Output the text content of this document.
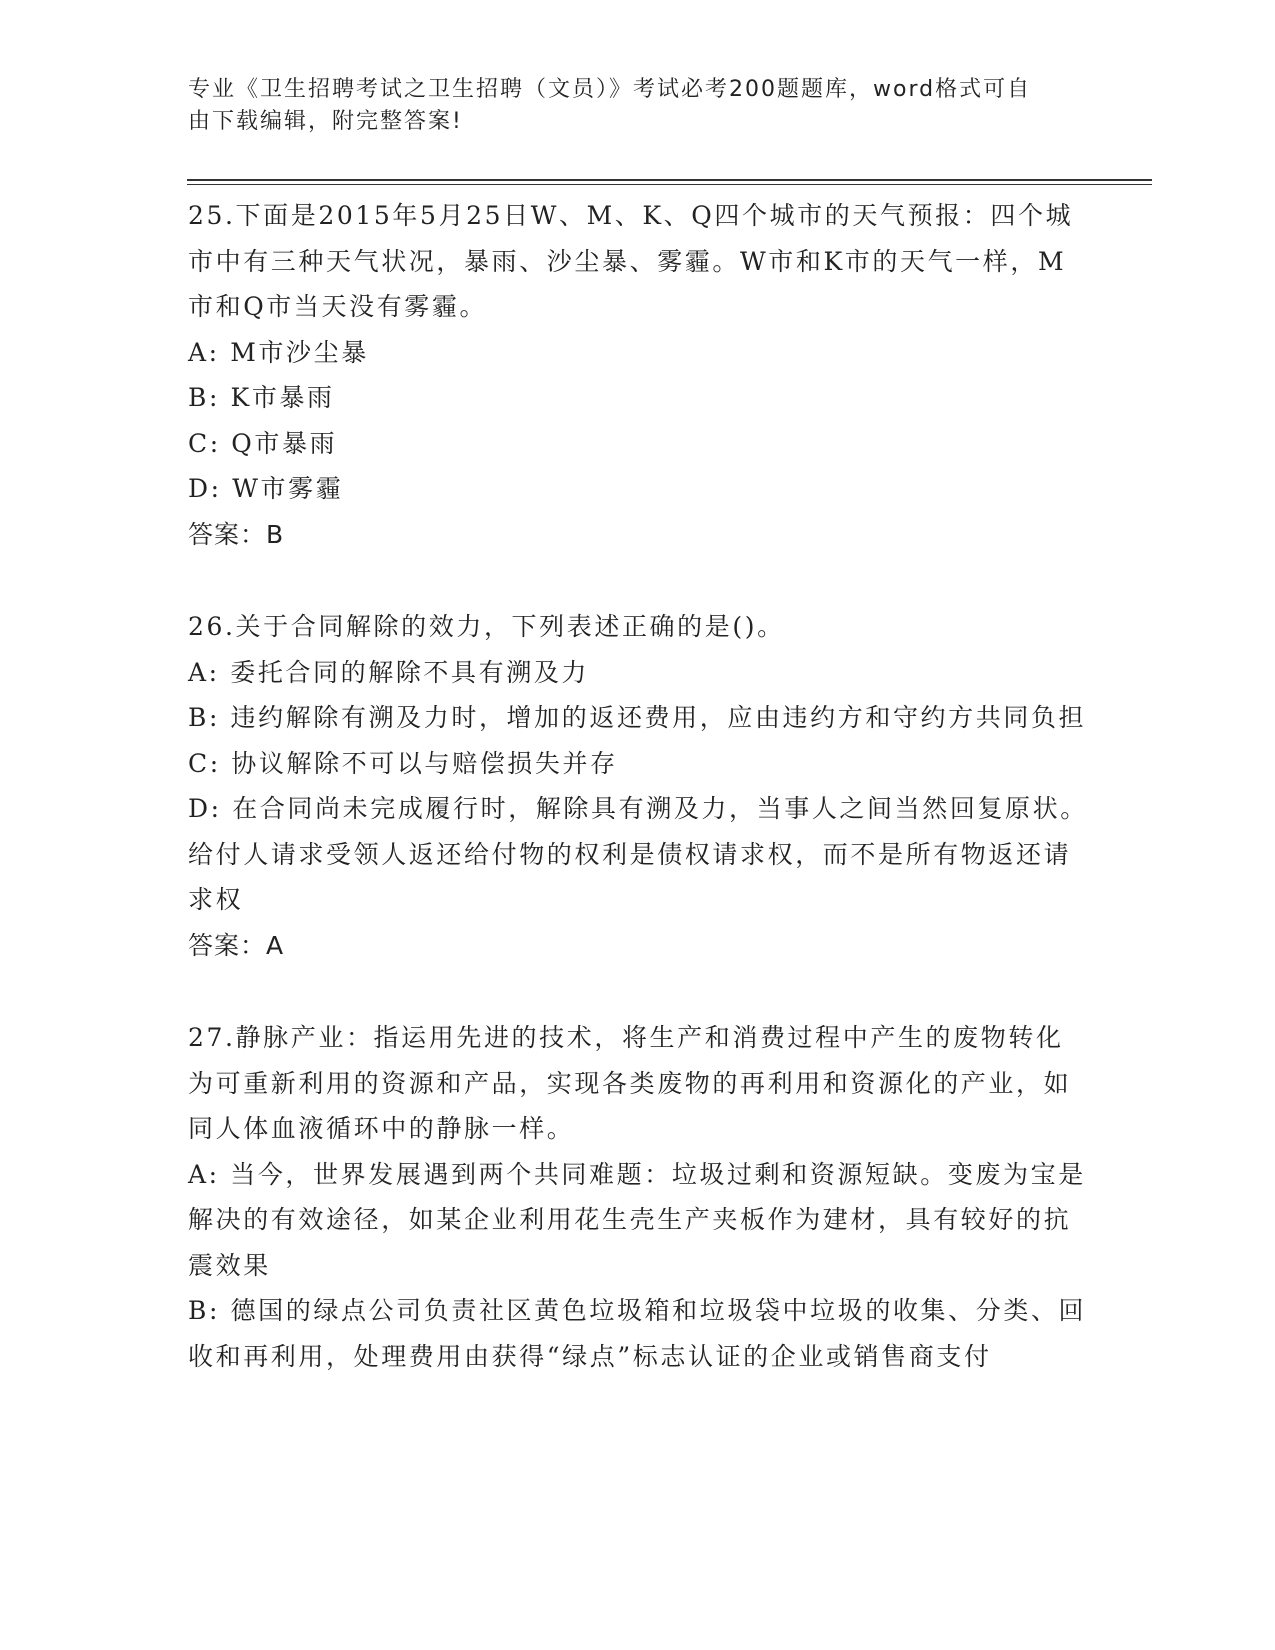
专业《卫生招聘考试之卫生招聘（文员）》考试必考200题题库，word格式可自
由下载编辑，附完整答案!

25.下面是2015年5月25日W、M、K、Q四个城市的天气预报：四个城市中有三种天气状况，暴雨、沙尘暴、雾霾。W市和K市的天气一样，M市和Q市当天没有雾霾。

A: M市沙尘暴

B: K市暴雨

C: Q市暴雨

D: W市雾霾

答案：B

26.关于合同解除的效力，下列表述正确的是()。

A: 委托合同的解除不具有溯及力

B: 违约解除有溯及力时，增加的返还费用，应由违约方和守约方共同负担

C: 协议解除不可以与赔偿损失并存

D: 在合同尚未完成履行时，解除具有溯及力，当事人之间当然回复原状。给付人请求受领人返还给付物的权利是债权请求权，而不是所有物返还请求权

答案：A

27.静脉产业：指运用先进的技术，将生产和消费过程中产生的废物转化为可重新利用的资源和产品，实现各类废物的再利用和资源化的产业，如同人体血液循环中的静脉一样。

A: 当今，世界发展遇到两个共同难题：垃圾过剩和资源短缺。变废为宝是解决的有效途径，如某企业利用花生壳生产夹板作为建材，具有较好的抗震效果

B: 德国的绿点公司负责社区黄色垃圾箱和垃圾袋中垃圾的收集、分类、回收和再利用，处理费用由获得“绿点”标志认证的企业或销售商支付
